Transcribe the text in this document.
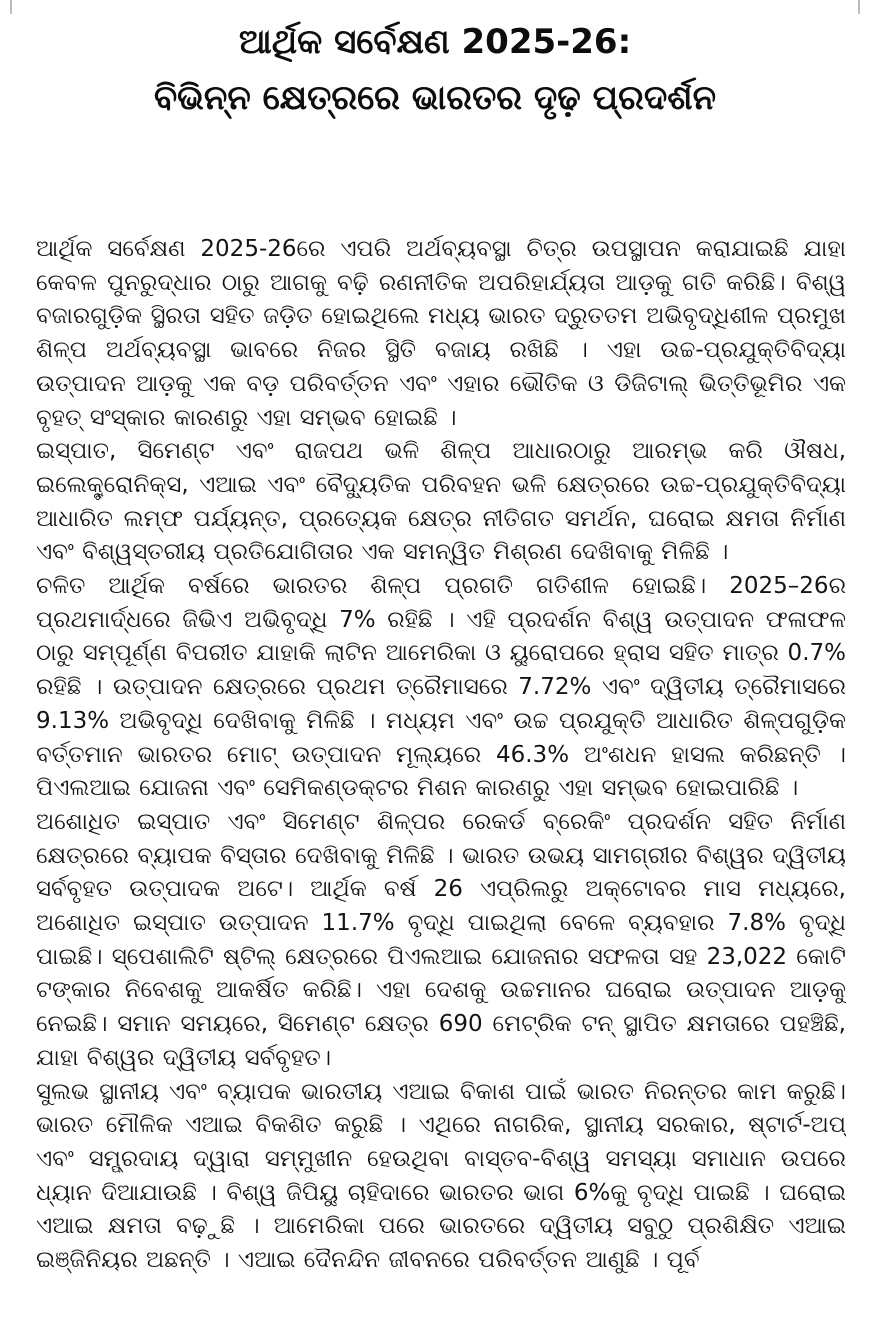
ଆର୍ଥିକ ସର୍ବେକ୍ଷଣ 2025-26:
ବିଭିନ୍ନ କ୍ଷେତ୍ରରେ ଭାରତର ଦୃଢ଼ ପ୍ରଦର୍ଶନ

ଆର୍ଥିକ ସର୍ବେକ୍ଷଣ 2025-26ରେ ଏପରି ଅର୍ଥବ୍ୟବସ୍ଥା ଚିତ୍ର ଉପସ୍ଥାପନ କରାଯାଇଛି ଯାହା କେବଳ ପୁନରୁଦ୍ଧାର ଠାରୁ ଆଗକୁ ବଢ଼ି ରଣନୀତିକ ଅପରିହାର୍ଯ୍ୟତା ଆଡ଼କୁ ଗତି କରିଛି। ବିଶ୍ୱ ବଜାରଗୁଡ଼ିକ ସ୍ଥିରତା ସହିତ ଜଡ଼ିତ ହୋଇଥିଲେ ମଧ୍ୟ ଭାରତ ଦ୍ରୁତତମ ଅଭିବୃଦ୍ଧିଶୀଳ ପ୍ରମୁଖ ଶିଳ୍ପ ଅର୍ଥବ୍ୟବସ୍ଥା ଭାବରେ ନିଜର ସ୍ଥିତି ବଜାୟ ରଖିଛି । ଏହା ଉଚ୍ଚ-ପ୍ରଯୁକ୍ତିବିଦ୍ୟା ଉତ୍ପାଦନ ଆଡ଼କୁ ଏକ ବଡ଼ ପରିବର୍ତ୍ତନ ଏବଂ ଏହାର ଭୌତିକ ଓ ଡିଜିଟାଲ୍ ଭିତ୍ତିଭୂମିର ଏକ ବୃହତ୍ ସଂସ୍କାର କାରଣରୁ ଏହା ସମ୍ଭବ ହୋଇଛି ।

ଇସ୍ପାତ, ସିମେଣ୍ଟ ଏବଂ ରାଜପଥ ଭଳି ଶିଳ୍ପ ଆଧାରଠାରୁ ଆରମ୍ଭ କରି ଔଷଧ, ଇଲେକ୍ଟ୍ରୋନିକ୍ସ, ଏଆଇ ଏବଂ ବୈଦ୍ୟୁତିକ ପରିବହନ ଭଳି କ୍ଷେତ୍ରରେ ଉଚ୍ଚ-ପ୍ରଯୁକ୍ତିବିଦ୍ୟା ଆଧାରିତ ଲମ୍ଫ ପର୍ଯ୍ୟନ୍ତ, ପ୍ରତ୍ୟେକ କ୍ଷେତ୍ର ନୀତିଗତ ସମର୍ଥନ, ଘରୋଇ କ୍ଷମତା ନିର୍ମାଣ ଏବଂ ବିଶ୍ୱସ୍ତରୀୟ ପ୍ରତିଯୋଗିତାର ଏକ ସମନ୍ୱିତ ମିଶ୍ରଣ ଦେଖିବାକୁ ମିଳିଛି ।

ଚଳିତ ଆର୍ଥିକ ବର୍ଷରେ ଭାରତର ଶିଳ୍ପ ପ୍ରଗତି ଗତିଶୀଳ ହୋଇଛି। 2025–26ର ପ୍ରଥମାର୍ଦ୍ଧରେ ଜିଭିଏ ଅଭିବୃଦ୍ଧି 7% ରହିଛି । ଏହି ପ୍ରଦର୍ଶନ ବିଶ୍ୱ ଉତ୍ପାଦନ ଫଳାଫଳ ଠାରୁ ସମ୍ପୂର୍ଣ୍ଣ ବିପରୀତ ଯାହାକି ଲାଟିନ ଆମେରିକା ଓ ୟୁରୋପରେ ହ୍ରାସ ସହିତ ମାତ୍ର 0.7% ରହିଛି । ଉତ୍ପାଦନ କ୍ଷେତ୍ରରେ ପ୍ରଥମ ତ୍ରୈମାସରେ 7.72% ଏବଂ ଦ୍ୱିତୀୟ ତ୍ରୈମାସରେ 9.13% ଅଭିବୃଦ୍ଧି ଦେଖିବାକୁ ମିଳିଛି । ମଧ୍ୟମ ଏବଂ ଉଚ୍ଚ ପ୍ରଯୁକ୍ତି ଆଧାରିତ ଶିଳ୍ପଗୁଡ଼ିକ ବର୍ତ୍ତମାନ ଭାରତର ମୋଟ୍ ଉତ୍ପାଦନ ମୂଲ୍ୟରେ 46.3% ଅଂଶଧନ ହାସଲ କରିଛନ୍ତି । ପିଏଲଆଇ ଯୋଜନା ଏବଂ ସେମିକଣ୍ଡକ୍ଟର ମିଶନ କାରଣରୁ ଏହା ସମ୍ଭବ ହୋଇପାରିଛି ।

ଅଶୋଧିତ ଇସ୍ପାତ ଏବଂ ସିମେଣ୍ଟ ଶିଳ୍ପର ରେକର୍ଡ ବ୍ରେକିଂ ପ୍ରଦର୍ଶନ ସହିତ ନିର୍ମାଣ କ୍ଷେତ୍ରରେ ବ୍ୟାପକ ବିସ୍ତାର ଦେଖିବାକୁ ମିଳିଛି । ଭାରତ ଉଭୟ ସାମଗ୍ରୀର ବିଶ୍ୱର ଦ୍ୱିତୀୟ ସର୍ବବୃହତ ଉତ୍ପାଦକ ଅଟେ। ଆର୍ଥିକ ବର୍ଷ 26 ଏପ୍ରିଲରୁ ଅକ୍ଟୋବର ମାସ ମଧ୍ୟରେ, ଅଶୋଧିତ ଇସ୍ପାତ ଉତ୍ପାଦନ 11.7% ବୃଦ୍ଧି ପାଇଥିଲା ବେଳେ ବ୍ୟବହାର 7.8% ବୃଦ୍ଧି ପାଇଛି। ସ୍ପେଶାଲିଟି ଷ୍ଟିଲ୍ କ୍ଷେତ୍ରରେ ପିଏଲଆଇ ଯୋଜନାର ସଫଳତା ସହ 23,022 କୋଟି ଟଙ୍କାର ନିବେଶକୁ ଆକର୍ଷିତ କରିଛି। ଏହା ଦେଶକୁ ଉଚ୍ଚମାନର ଘରୋଇ ଉତ୍ପାଦନ ଆଡ଼କୁ ନେଇଛି। ସମାନ ସମୟରେ, ସିମେଣ୍ଟ କ୍ଷେତ୍ର 690 ମେଟ୍ରିକ ଟନ୍ ସ୍ଥାପିତ କ୍ଷମତାରେ ପହଞ୍ଚିଛି, ଯାହା ବିଶ୍ୱର ଦ୍ୱିତୀୟ ସର୍ବବୃହତ।

ସୁଲଭ ସ୍ଥାନୀୟ ଏବଂ ବ୍ୟାପକ ଭାରତୀୟ ଏଆଇ ବିକାଶ ପାଇଁ ଭାରତ ନିରନ୍ତର କାମ କରୁଛି। ଭାରତ ମୌଳିକ ଏଆଇ ବିକଶିତ କରୁଛି । ଏଥିରେ ନାଗରିକ, ସ୍ଥାନୀୟ ସରକାର, ଷ୍ଟାର୍ଟ-ଅପ୍ ଏବଂ ସମ୍ପ୍ରଦାୟ ଦ୍ୱାରା ସମ୍ମୁଖୀନ ହେଉଥିବା ବାସ୍ତବ-ବିଶ୍ୱ ସମସ୍ୟା ସମାଧାନ ଉପରେ ଧ୍ୟାନ ଦିଆଯାଉଛି । ବିଶ୍ୱ ଜିପିୟୁ ଚାହିଦାରେ ଭାରତର ଭାଗ 6%କୁ ବୃଦ୍ଧି ପାଇଛି । ଘରୋଇ ଏଆଇ କ୍ଷମତା ବଢ଼ୁଛି । ଆମେରିକା ପରେ ଭାରତରେ ଦ୍ୱିତୀୟ ସବୁଠୁ ପ୍ରଶିକ୍ଷିତ ଏଆଇ ଇଞ୍ଜିନିୟର ଅଛନ୍ତି । ଏଆଇ ଦୈନନ୍ଦିନ ଜୀବନରେ ପରିବର୍ତ୍ତନ ଆଣୁଛି । ପୂର୍ବ
